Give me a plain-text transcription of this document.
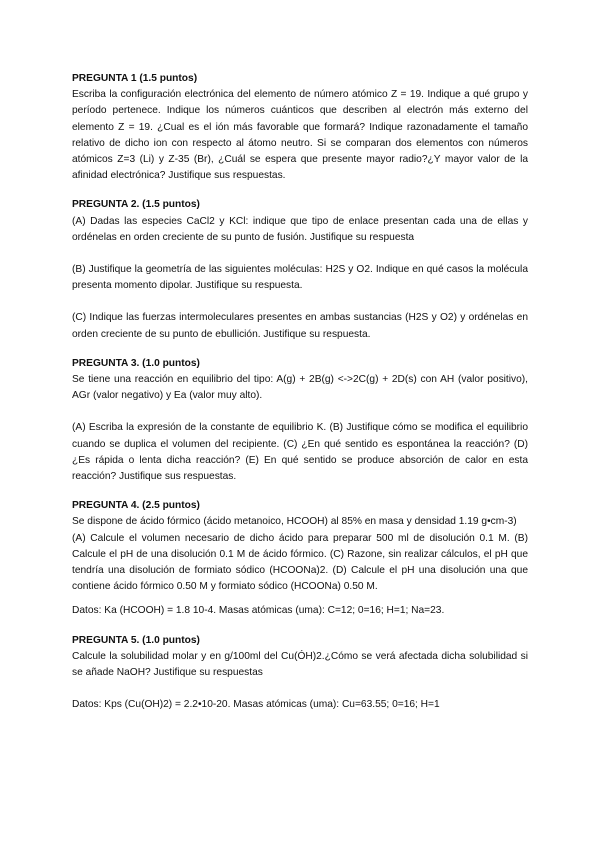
PREGUNTA 1 (1.5 puntos)

Escriba la configuración electrónica del elemento de número atómico Z = 19. Indique a qué grupo y período pertenece. Indique los números cuánticos que describen al electrón más externo del elemento Z = 19. ¿Cual es el ión más favorable que formará? Indique razonadamente el tamaño relativo de dicho ion con respecto al átomo neutro. Si se comparan dos elementos con números atómicos Z=3 (Li) y Z-35 (Br), ¿Cuál se espera que presente mayor radio?¿Y mayor valor de la afinidad electrónica? Justifique sus respuestas.

PREGUNTA 2. (1.5 puntos)

(A) Dadas las especies CaCl2 y KCl: indique que tipo de enlace presentan cada una de ellas y ordénelas en orden creciente de su punto de fusión. Justifique su respuesta

(B) Justifique la geometría de las siguientes moléculas: H2S y O2. Indique en qué casos la molécula presenta momento dipolar. Justifique su respuesta.

(C) Indique las fuerzas intermoleculares presentes en ambas sustancias (H2S y O2) y ordénelas en orden creciente de su punto de ebullición. Justifique su respuesta.

PREGUNTA 3. (1.0 puntos)

Se tiene una reacción en equilibrio del tipo: A(g) + 2B(g) <->2C(g) + 2D(s) con AH (valor positivo), AGr (valor negativo) y Ea (valor muy alto).

(A) Escriba la expresión de la constante de equilibrio K. (B) Justifique cómo se modifica el equilibrio cuando se duplica el volumen del recipiente. (C) ¿En qué sentido es espontánea la reacción? (D) ¿Es rápida o lenta dicha reacción? (E) En qué sentido se produce absorción de calor en esta reacción? Justifique sus respuestas.

PREGUNTA 4. (2.5 puntos)

Se dispone de ácido fórmico (ácido metanoico, HCOOH) al 85% en masa y densidad 1.19 g•cm-3)

(A) Calcule el volumen necesario de dicho ácido para preparar 500 ml de disolución 0.1 M. (B) Calcule el pH de una disolución 0.1 M de ácido fórmico. (C) Razone, sin realizar cálculos, el pH que tendría una disolución de formiato sódico (HCOONa)2. (D) Calcule el pH una disolución una que contiene ácido fórmico 0.50 M y formiato sódico (HCOONa) 0.50 M.

Datos: Ka (HCOOH) = 1.8 10-4. Masas atómicas (uma): C=12; 0=16; H=1; Na=23.

PREGUNTA 5. (1.0 puntos)

Calcule la solubilidad molar y en g/100ml del Cu(ÓH)2.¿Cómo se verá afectada dicha solubilidad si se añade NaOH? Justifique su respuestas

Datos: Kps (Cu(OH)2) = 2.2•10-20. Masas atómicas (uma): Cu=63.55; 0=16; H=1
